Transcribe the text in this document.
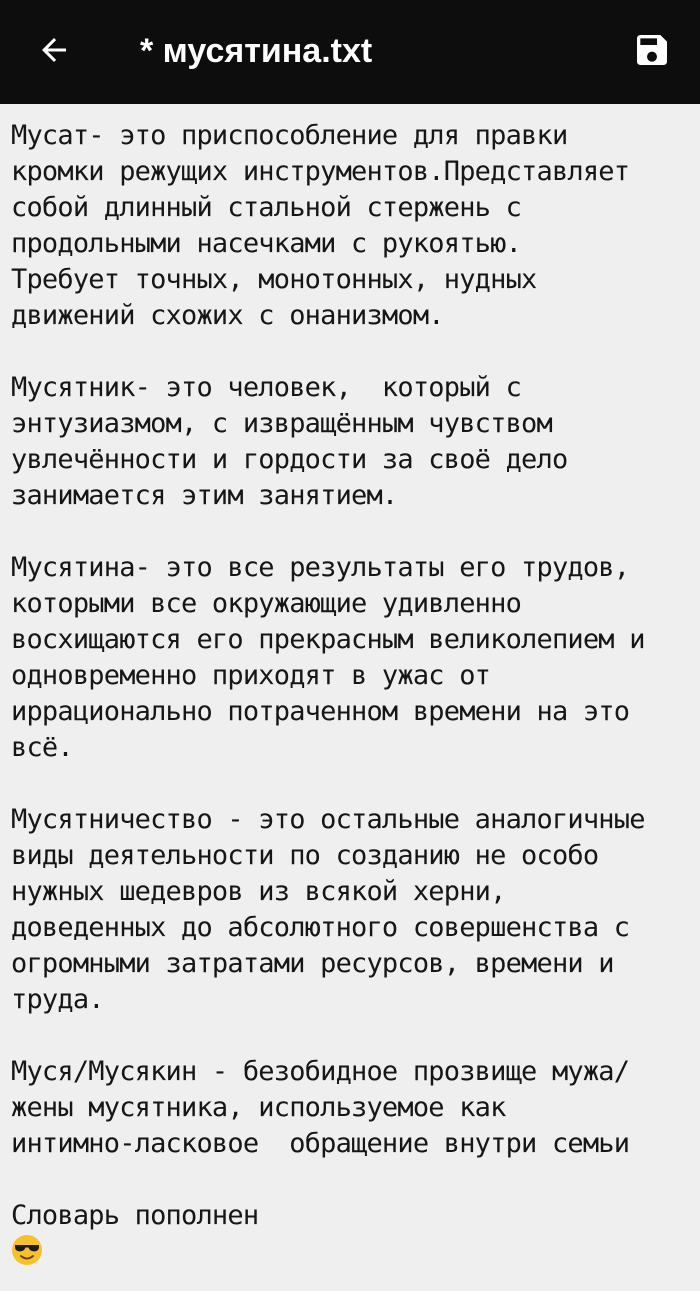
* мусятина.txt
Мусат- это приспособление для правки
кромки режущих инструментов.Представляет
собой длинный стальной стержень с
продольными насечками с рукоятью.
Требует точных, монотонных, нудных
движений схожих с онанизмом.
Мусятник- это человек,  который с
энтузиазмом, с извращённым чувством
увлечённости и гордости за своё дело
занимается этим занятием.
Мусятина- это все результаты его трудов,
которыми все окружающие удивленно
восхищаются его прекрасным великолепием и
одновременно приходят в ужас от
иррационально потраченном времени на это
всё.
Мусятничество - это остальные аналогичные
виды деятельности по созданию не особо
нужных шедевров из всякой херни,
доведенных до абсолютного совершенства с
огромными затратами ресурсов, времени и
труда.
Муся/Мусякин - безобидное прозвище мужа/
жены мусятника, используемое как
интимно-ласковое  обращение внутри семьи
Словарь пополнен
